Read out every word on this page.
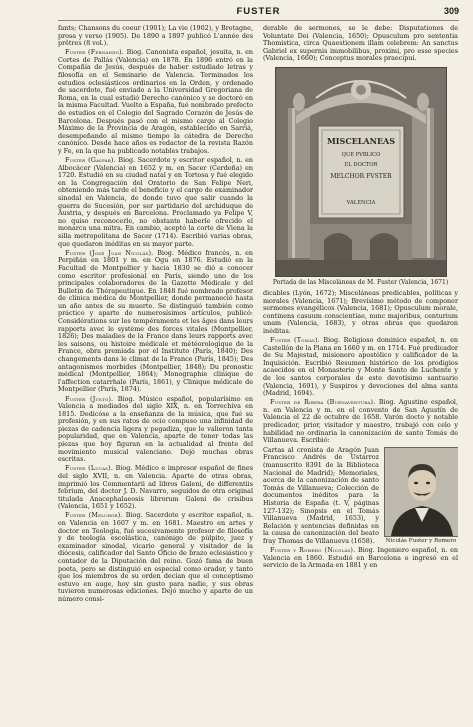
FUSTER	309

fants; Chansons du coeur (1901); La vie (1902), y Bretagne, prosa y verso (1905). De 1890 a 1897 publicó L'année des prêtres (8 vol.).

Fuster (Fernando). Biog. Canonista español, jesuita, n. en Cortes de Pallás (Valencia) en 1878. En 1896 entró en la Compañía de Jesús, después de haber estudiado letras y filosofía en el Seminario de Valencia. Terminados los estudios eclesiásticos ordinarios en la Orden, y ordenado de sacerdote, fué enviado a la Universidad Gregoriana de Roma, en la cual estudió Derecho canónico y se doctoró en la misma Facultad. Vuelto a España, fué nombrado prefecto de estudios en el Colegio del Sagrado Corazón de Jesús de Barcelona. Después pasó con el mismo cargo al Colegio Máximo de la Provincia de Aragón, establecido en Sarriá, desempeñando al mismo tiempo la cátedra de Derecho canónico. Desde hace años es redactor de la revista Razón y Fe, en la que ha publicado notables trabajos.

Fuster (Gaspar). Biog. Sacerdote y escritor español, n. en Albocácer (Valencia) en 1652 y m. en Sacer (Cerdeña) en 1720. Estudió en su ciudad natal y en Tortosa y fué elegido en la Congregación del Oratorio de San Felipe Neri, obteniendo más tarde el beneficio y el cargo de examinador sinodal en Valencia, de donde tuvo que salir cuando la guerra de Sucesión, por ser partidario del archiduque de Austria, y después en Barcelona. Proclamado ya Felipe V, no quiso reconocerle, no obstante haberle ofrecido el monarca una mitra. En cambio, aceptó la corte de Viena la silla metropolitana de Sacer (1714). Escribió varias obras, que quedaron inéditas en su mayor parte.

Fuster (José Juan Nicolás). Biog. Médico francés, n. en Perpiñán en 1801 y m. en Ogu en 1876. Estudió en la Facultad de Montpellier y hacia 1830 se dió a conocer como escritor profesional en París, siendo uno de los principales colaboradores de la Gazette Médicale y del Bulletin de Thérapeutique. En 1848 fué nombrado profesor de clínica médica de Montpellier, donde permaneció hasta un año antes de su muerte. Se distinguió también como práctico y aparte de numerosísimos artículos, publicó: Considérations sur les tempéraments et les âges dans leurs rapports avec le système des forces vitales (Montpellier, 1826); Des maladies de la France dans leurs rapports avec les saisons, ou histoire médicale et météorologique de la France, obra premiada por el Instituto (París, 1840); Des changements dans le climat de la France (París, 1845); Des antagonismes morbides (Montpellier, 1848); Du pronostic médical (Montpellier, 1864); Monographie clinique de l'affection catarrhale (París, 1861), y Clinique médicale de Montpellier (París, 1874).

Fuster (Justo). Biog. Músico español, popularísimo en Valencia a mediados del siglo XIX, n. en Torrechiva en 1815. Dedicóse a la enseñanza de la música, que fué su profesión, y en sus ratos de ocio compuso una infinidad de piezas de cadencia ligera y pegadiza, que le valieron tanta popularidad, que en Valencia, aparte de tener todas las piezas que hoy figuran en la actualidad al frente del movimiento musical valenciano. Dejó muchas obras escritas.

Fuster (Lucas). Biog. Médico e impresor español de fines del siglo XVII, n. en Valencia. Aparte de otras obras, imprimió los Commentarii ad libros Galeni, de differentiis febrium, del doctor J. D. Navarro, seguidos de otra original titulada Anacephalaeosis librorum Galeni de crisibus (Valencia, 1651 y 1652).

Fuster (Melchor). Biog. Sacerdote y escritor español, n. en Valencia en 1607 y m. en 1681. Maestro en artes y doctor en Teología, fué sucesivamente profesor de filosofía y de teología escolástica, canónigo de púlpito, juez y examinador sinodal, vicario general y visitador de la diócesis, calificador del Santo Oficio de brazo eclesiástico y contador de la Diputación del reino. Gozó fama de buen poeta, pero se distinguió en especial como orador, y tanto que los miembros de su orden decían que el conceptismo estuvo en auge, hoy sin gusto para nadie, y sus obras tuvieron numerosas ediciones. Dejó mucho y aparte de un número consi-

derable de sermones, se le debe: Disputationes de Voluntate Dei (Valencia, 1650); Opusculum pro sententia Thomistica, circa Quaestionem illam celebrem: An sanctus Gabriel ex supernis immobilibus, proximi, pro esse species (Valencia, 1660); Conceptus morales praecipui.

MISCELANEAS
QUE PVBLICO
EL DOCTOR
MELCHOR FVSTER
VALENCIA
Portada de las Misceláneas de M. Fuster (Valencia, 1671)

dicables (Lyón, 1672); Misceláneas predicables, políticas y morales (Valencia, 1671); Brevísimo método de componer sermones evangélicos (Valencia, 1681); Opusculum morale, continens casuum conscientiae, nunc majoribus, centurium unam (Valencia, 1683), y otras obras que quedaron inéditas.

Fuster (Tomás). Biog. Religioso dominico español, n. en Castellón de la Plana en 1660 y m. en 1714. Fué predicador de Su Majestad, misionero apostólico y calificador de la Inquisición. Escribió Resumen histórico de los prodigios acaecidos en el Monasterio y Monte Santo de Luchente y de los santos corporales de este devotísimo santuario (Valencia, 1691), y Suspiros y devociones del alma santa (Madrid, 1694).

Fuster de Ribera (Buenaventura). Biog. Agustino español, n. en Valencia y m. en el convento de San Agustín de Valencia el 22 de octubre de 1658. Varón docto y notable predicador, prior, visitador y maestro, trabajó con celo y habilidad no ordinaria la canonización de santo Tomás de Villanueva. Escribió:

Cartas al cronista de Aragón Juan Francisco Andrés de Ustarroz (manuscrito 8391 de la Biblioteca Nacional de Madrid); Memoriales, acerca de la canonización de santo Tomás de Villanueva; Colección de documentos inéditos para la Historia de España (t. V, páginas 127-132); Sinopsis en el Tomás Villanueva (Madrid, 1653), y Relación y sentencias definidas en la causa de canonización del beato fray Thomas de Villanueva (1658).	Nicolás Fuster y Romero

Fuster y Romero (Nicolás). Biog. Ingeniero español, n. en Valencia en 1860. Estudió en Barcelona e ingresó en el servicio de la Armada en 1881 y en
